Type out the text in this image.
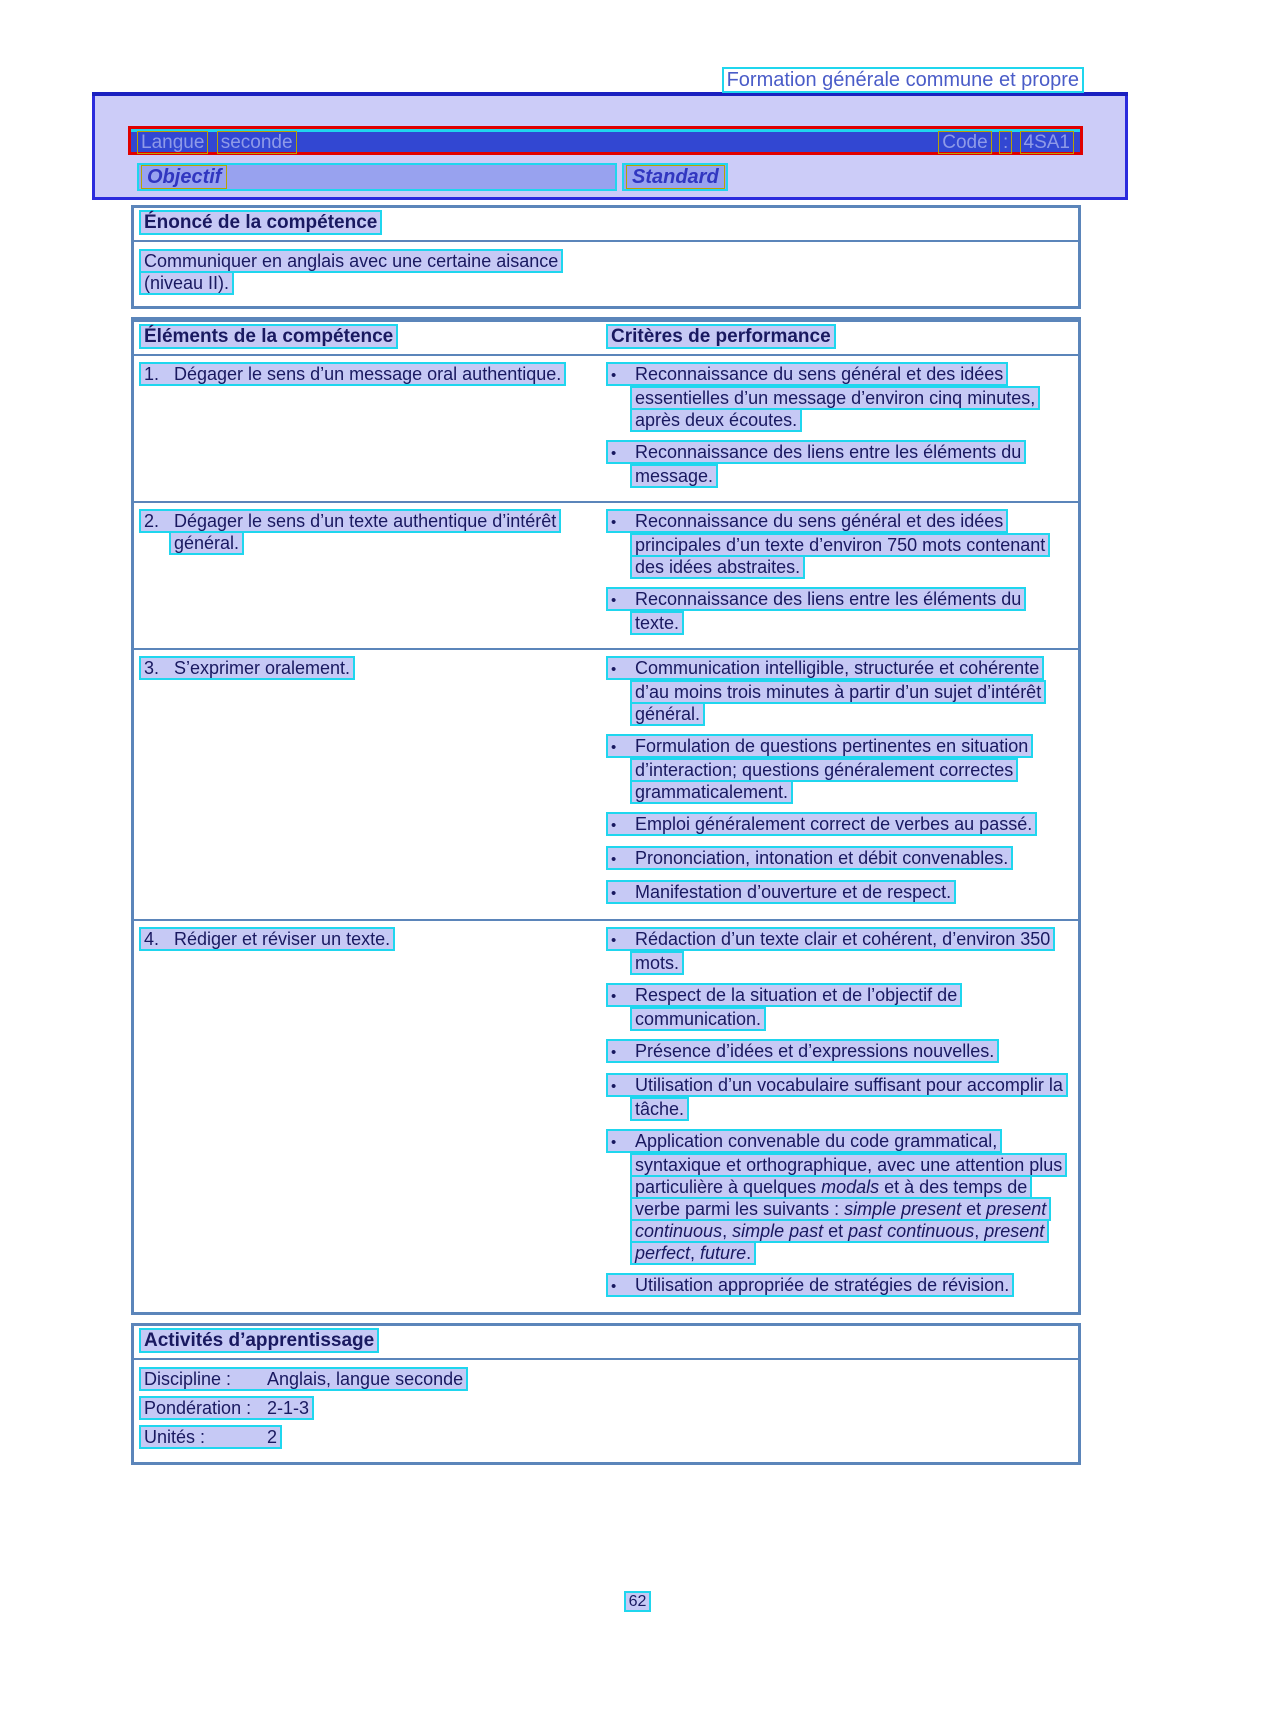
Formation générale commune et propre
Langue seconde	Code : 4SA1
Objectif	Standard
Énoncé de la compétence
Communiquer en anglais avec une certaine aisance (niveau II).
Éléments de la compétence	Critères de performance
1. Dégager le sens d’un message oral authentique.	• Reconnaissance du sens général et des idées essentielles d’un message d’environ cinq minutes, après deux écoutes.
• Reconnaissance des liens entre les éléments du message.
2. Dégager le sens d’un texte authentique d’intérêt général.
• Reconnaissance du sens général et des idées principales d’un texte d’environ 750 mots contenant des idées abstraites.
• Reconnaissance des liens entre les éléments du texte.
3. S’exprimer oralement.	• Communication intelligible, structurée et cohérente d’au moins trois minutes à partir d’un sujet d’intérêt général.
• Formulation de questions pertinentes en situation d’interaction; questions généralement correctes grammaticalement.
• Emploi généralement correct de verbes au passé.
• Prononciation, intonation et débit convenables.
• Manifestation d’ouverture et de respect.
4. Rédiger et réviser un texte.	• Rédaction d’un texte clair et cohérent, d’environ 350 mots.
• Respect de la situation et de l’objectif de communication.
• Présence d’idées et d’expressions nouvelles.
• Utilisation d’un vocabulaire suffisant pour accomplir la tâche.
• Application convenable du code grammatical, syntaxique et orthographique, avec une attention plus particulière à quelques modals et à des temps de verbe parmi les suivants : simple present et present continuous, simple past et past continuous, present perfect, future.
• Utilisation appropriée de stratégies de révision.
Activités d’apprentissage
Discipline : Anglais, langue seconde
Pondération : 2-1-3
Unités :	2
62
